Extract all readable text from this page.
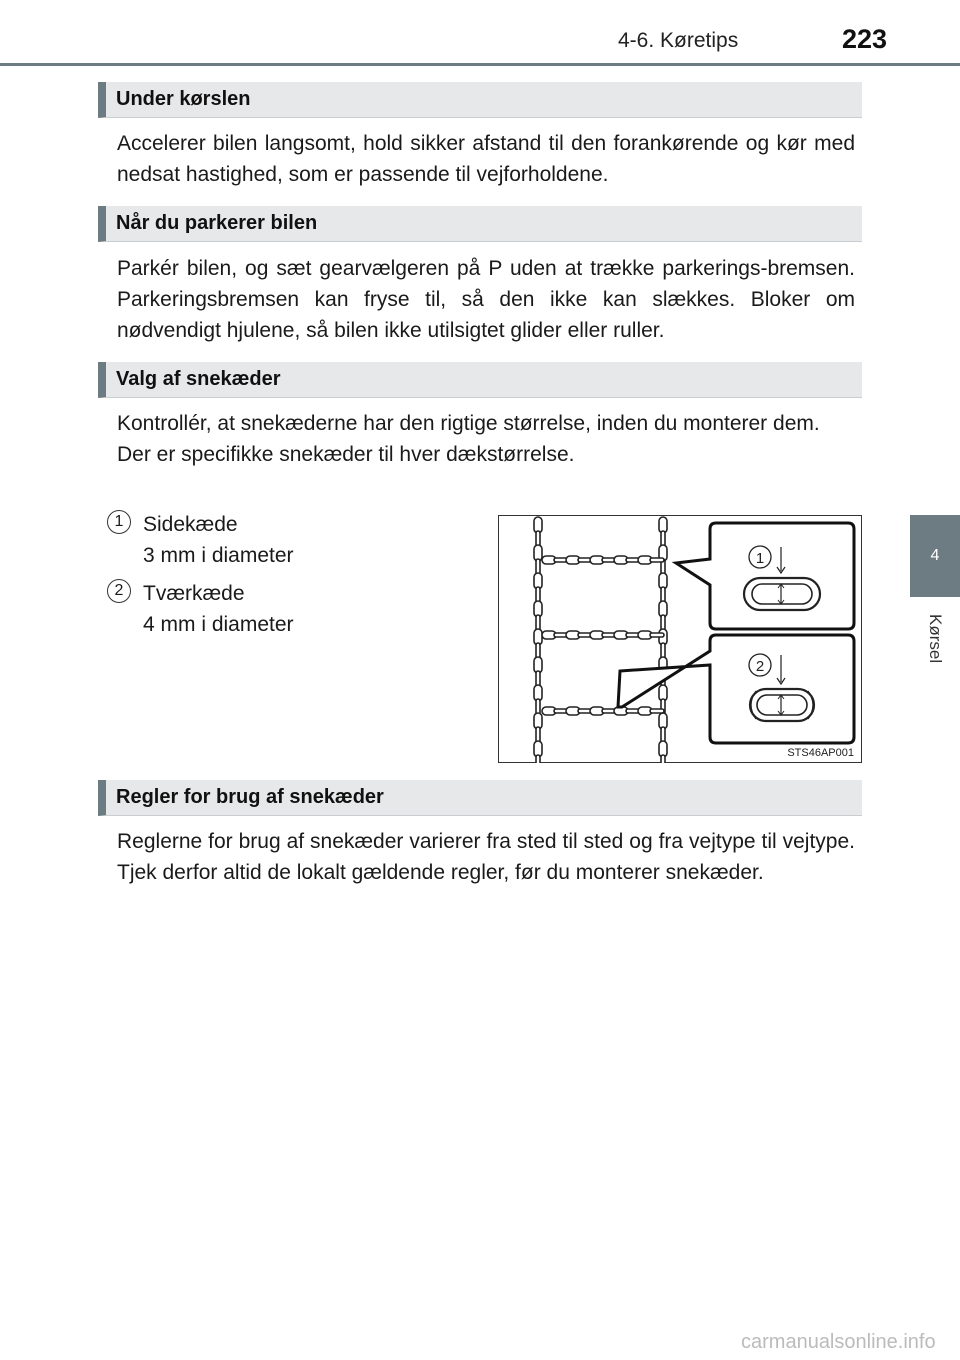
4-6. Køretips	223
4
Kørsel
Under kørslen

Accelerer bilen langsomt, hold sikker afstand til den forankørende og kør med nedsat hastighed, som er passende til vejforholdene.

Når du parkerer bilen

Parkér bilen, og sæt gearvælgeren på P uden at trække parkerings-bremsen. Parkeringsbremsen kan fryse til, så den ikke kan slækkes. Bloker om nødvendigt hjulene, så bilen ikke utilsigtet glider eller ruller.

Valg af snekæder

Kontrollér, at snekæderne har den rigtige størrelse, inden du monterer dem.

Der er specifikke snekæder til hver dækstørrelse.

1 Sidekæde
3 mm i diameter
2 Tværkæde
4 mm i diameter
1
2
STS46AP001
Regler for brug af snekæder

Reglerne for brug af snekæder varierer fra sted til sted og fra vejtype til vejtype. Tjek derfor altid de lokalt gældende regler, før du monterer snekæder.

carmanualsonline.info
